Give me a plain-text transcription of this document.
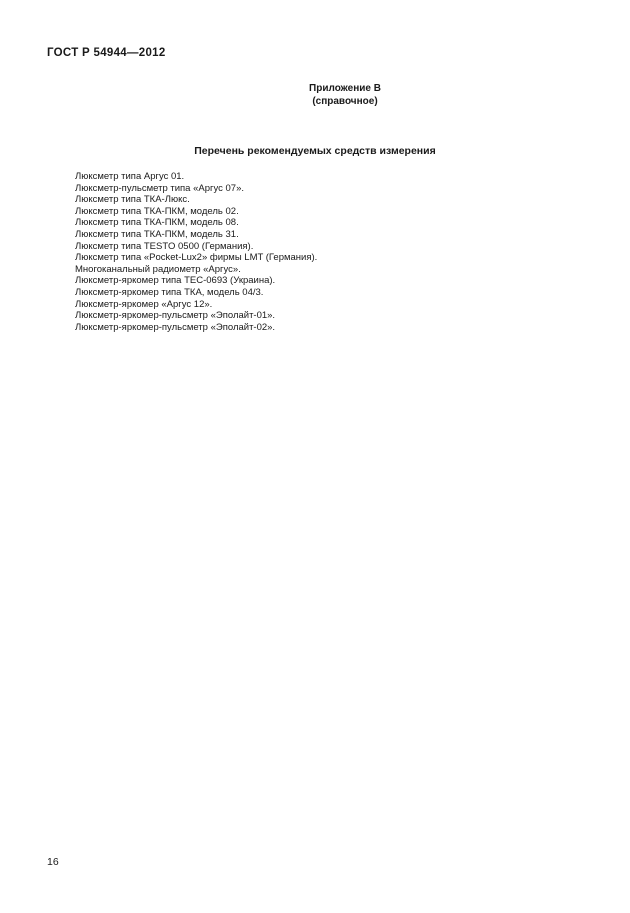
ГОСТ Р 54944—2012
Приложение В
(справочное)
Перечень рекомендуемых средств измерения
Люксметр типа Аргус 01.
Люксметр-пульсметр типа «Аргус 07».
Люксметр типа ТКА-Люкс.
Люксметр типа ТКА-ПКМ, модель 02.
Люксметр типа ТКА-ПКМ, модель 08.
Люксметр типа ТКА-ПКМ, модель 31.
Люксметр типа TESTO 0500 (Германия).
Люксметр типа «Pocket-Lux2» фирмы LMT (Германия).
Многоканальный радиометр «Аргус».
Люксметр-яркомер типа ТЕС-0693 (Украина).
Люксметр-яркомер типа ТКА, модель 04/3.
Люксметр-яркомер «Аргус 12».
Люксметр-яркомер-пульсметр «Эполайт-01».
Люксметр-яркомер-пульсметр «Эполайт-02».
16
